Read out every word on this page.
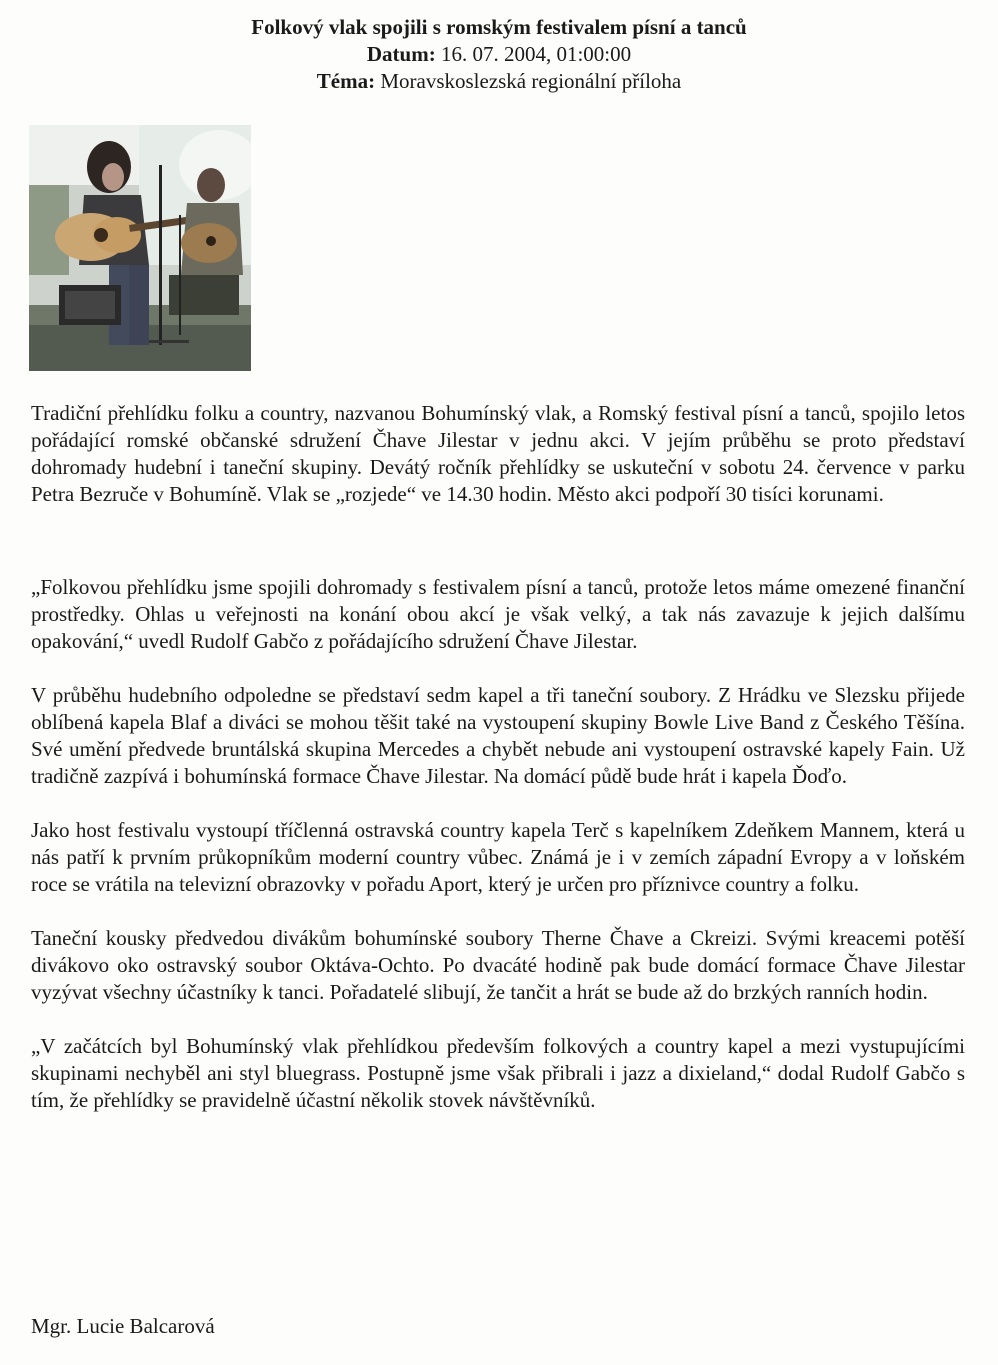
Folkový vlak spojili s romským festivalem písní a tanců
Datum: 16. 07. 2004, 01:00:00
Téma: Moravskoslezská regionální příloha

Tradiční přehlídku folku a country, nazvanou Bohumínský vlak, a Romský festival písní a tanců, spojilo letos pořádající romské občanské sdružení Čhave Jilestar v jednu akci. V jejím průběhu se proto představí dohromady hudební i taneční skupiny. Devátý ročník přehlídky se uskuteční v sobotu 24. července v parku Petra Bezruče v Bohumíně. Vlak se „rozjede“ ve 14.30 hodin. Město akci podpoří 30 tisíci korunami.

„Folkovou přehlídku jsme spojili dohromady s festivalem písní a tanců, protože letos máme omezené finanční prostředky. Ohlas u veřejnosti na konání obou akcí je však velký, a tak nás zavazuje k jejich dalšímu opakování,“ uvedl Rudolf Gabčo z pořádajícího sdružení Čhave Jilestar.

V průběhu hudebního odpoledne se představí sedm kapel a tři taneční soubory. Z Hrádku ve Slezsku přijede oblíbená kapela Blaf a diváci se mohou těšit také na vystoupení skupiny Bowle Live Band z Českého Těšína. Své umění předvede bruntálská skupina Mercedes a chybět nebude ani vystoupení ostravské kapely Fain. Už tradičně zazpívá i bohumínská formace Čhave Jilestar. Na domácí půdě bude hrát i kapela Ďoďo.

Jako host festivalu vystoupí tříčlenná ostravská country kapela Terč s kapelníkem Zdeňkem Mannem, která u nás patří k prvním průkopníkům moderní country vůbec. Známá je i v zemích západní Evropy a v loňském roce se vrátila na televizní obrazovky v pořadu Aport, který je určen pro příznivce country a folku.

Taneční kousky předvedou divákům bohumínské soubory Therne Čhave a Ckreizi. Svými kreacemi potěší divákovo oko ostravský soubor Oktáva-Ochto. Po dvacáté hodině pak bude domácí formace Čhave Jilestar vyzývat všechny účastníky k tanci. Pořadatelé slibují, že tančit a hrát se bude až do brzkých ranních hodin.

„V začátcích byl Bohumínský vlak přehlídkou především folkových a country kapel a mezi vystupujícími skupinami nechyběl ani styl bluegrass. Postupně jsme však přibrali i jazz a dixieland,“ dodal Rudolf Gabčo s tím, že přehlídky se pravidelně účastní několik stovek návštěvníků.

Mgr. Lucie Balcarová
